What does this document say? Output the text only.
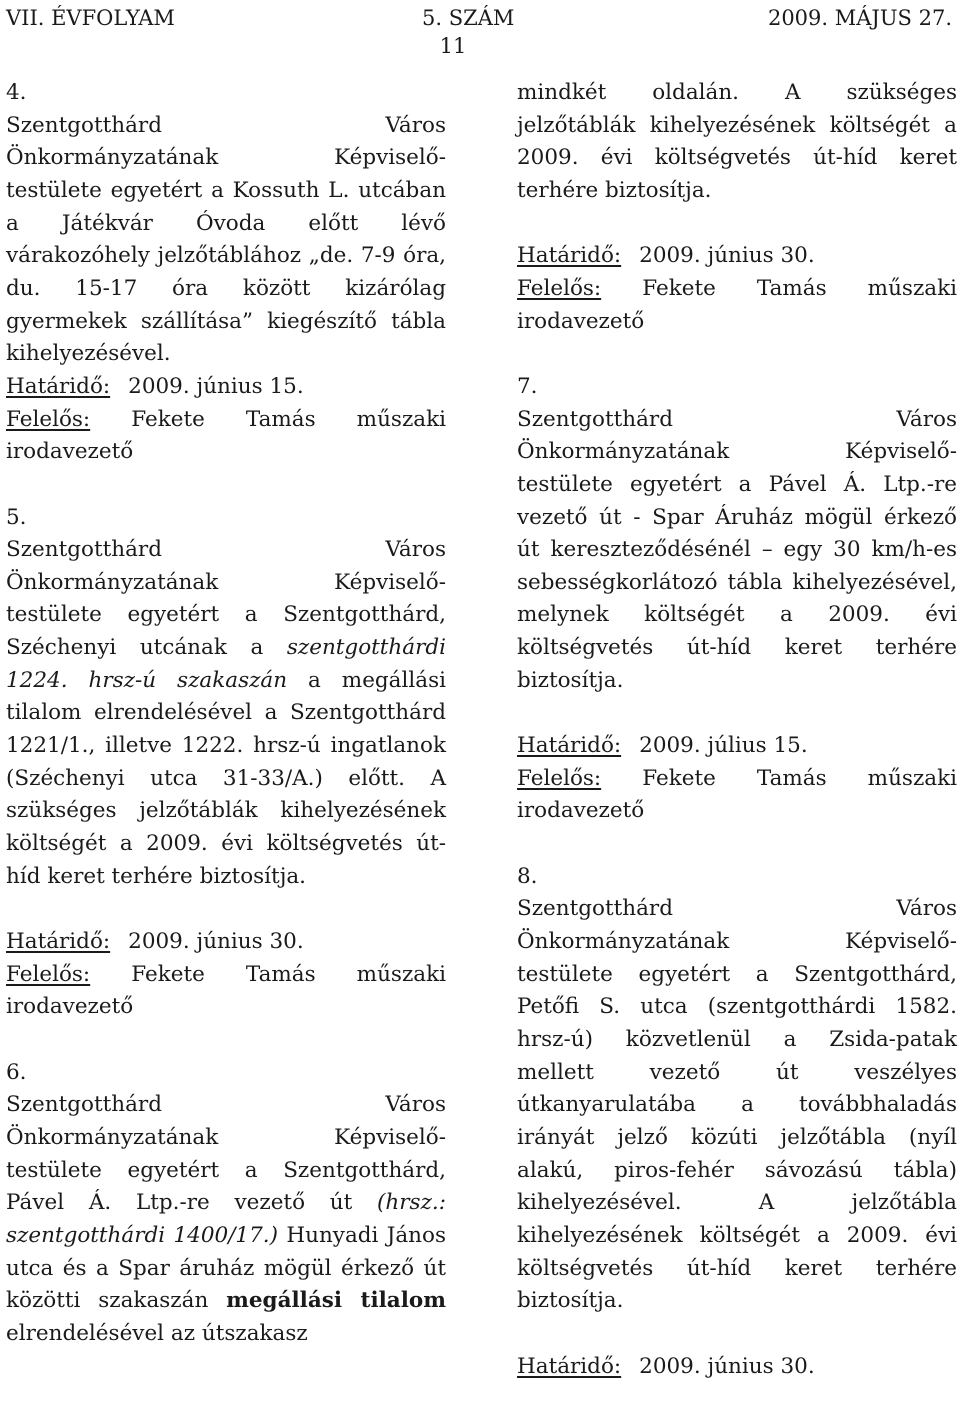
VII. ÉVFOLYAM	5. SZÁM	2009. MÁJUS 27.
11

4.

Szentgotthárd	Város

Önkormányzatának	Képviselő-

testülete egyetért a Kossuth L. utcában a Játékvár Óvoda előtt lévő várakozóhely jelzőtáblához „de. 7-9 óra, du. 15-17 óra között kizárólag gyermekek szállítása” kiegészítő tábla kihelyezésével.

Határidő: 2009. június 15.

Felelős: Fekete Tamás műszaki irodavezető

5.

Szentgotthárd	Város

Önkormányzatának	Képviselő-

testülete egyetért a Szentgotthárd, Széchenyi utcának a szentgotthárdi 1224. hrsz-ú szakaszán a megállási tilalom elrendelésével a Szentgotthárd 1221/1., illetve 1222. hrsz-ú ingatlanok (Széchenyi utca 31-33/A.) előtt. A szükséges jelzőtáblák kihelyezésének költségét a 2009. évi költségvetés út-híd keret terhére biztosítja.

Határidő: 2009. június 30.

Felelős: Fekete Tamás műszaki irodavezető

6.

Szentgotthárd	Város

Önkormányzatának	Képviselő-

testülete egyetért a Szentgotthárd, Pável Á. Ltp.-re vezető út (hrsz.: szentgotthárdi 1400/17.) Hunyadi János utca és a Spar áruház mögül érkező út közötti szakaszán megállási tilalom elrendelésével az útszakasz

mindkét oldalán. A szükséges jelzőtáblák kihelyezésének költségét a 2009. évi költségvetés út-híd keret terhére biztosítja.

Határidő: 2009. június 30.

Felelős: Fekete Tamás műszaki irodavezető

7.

Szentgotthárd	Város

Önkormányzatának	Képviselő-

testülete egyetért a Pável Á. Ltp.-re vezető út - Spar Áruház mögül érkező út kereszteződésénél – egy 30 km/h-es sebességkorlátozó tábla kihelyezésével, melynek költségét a 2009. évi költségvetés út-híd keret terhére biztosítja.

Határidő: 2009. július 15.

Felelős: Fekete Tamás műszaki irodavezető

8.

Szentgotthárd	Város

Önkormányzatának	Képviselő-

testülete egyetért a Szentgotthárd, Petőfi S. utca (szentgotthárdi 1582. hrsz-ú) közvetlenül a Zsida-patak mellett vezető út veszélyes útkanyarulatába a továbbhaladás irányát jelző közúti jelzőtábla (nyíl alakú, piros-fehér sávozású tábla) kihelyezésével. A jelzőtábla kihelyezésének költségét a 2009. évi költségvetés út-híd keret terhére biztosítja.

Határidő: 2009. június 30.
